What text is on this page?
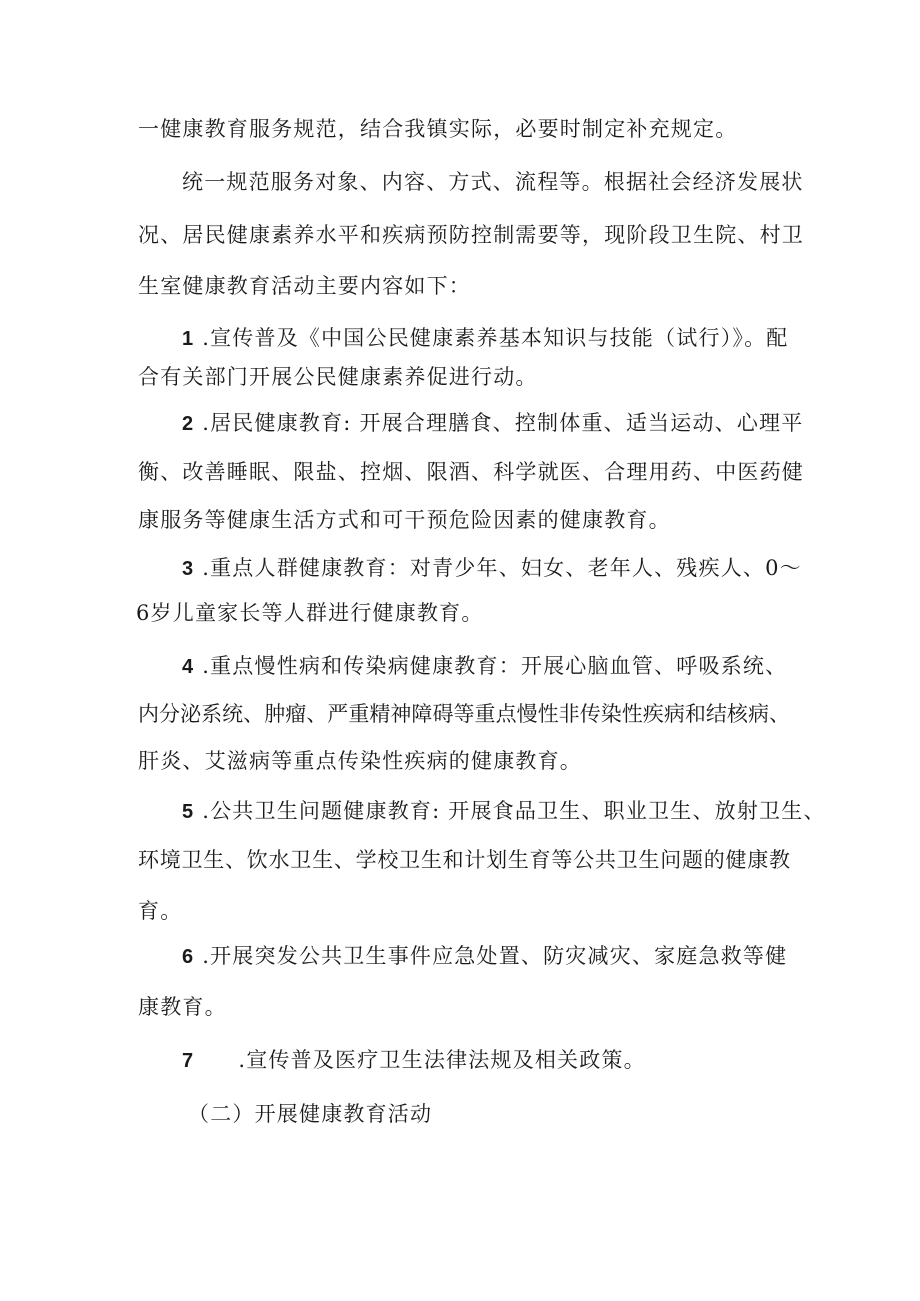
一健康教育服务规范，结合我镇实际，必要时制定补充规定。
统一规范服务对象、内容、方式、流程等。根据社会经济发展状
况、居民健康素养水平和疾病预防控制需要等，现阶段卫生院、村卫
生室健康教育活动主要内容如下：
1 .宣传普及《中国公民健康素养基本知识与技能（试行）》。配
合有关部门开展公民健康素养促进行动。
2 .居民健康教育: 开展合理膳食、控制体重、适当运动、心理平
衡、改善睡眠、限盐、控烟、限酒、科学就医、合理用药、中医药健
康服务等健康生活方式和可干预危险因素的健康教育。
3 .重点人群健康教育：对青少年、妇女、老年人、残疾人、0〜
6岁儿童家长等人群进行健康教育。
4 .重点慢性病和传染病健康教育：开展心脑血管、呼吸系统、
内分泌系统、肿瘤、严重精神障碍等重点慢性非传染性疾病和结核病、
肝炎、艾滋病等重点传染性疾病的健康教育。
5 .公共卫生问题健康教育: 开展食品卫生、职业卫生、放射卫生、
环境卫生、饮水卫生、学校卫生和计划生育等公共卫生问题的健康教
育。
6 .开展突发公共卫生事件应急处置、防灾减灾、家庭急救等健
康教育。
7 .宣传普及医疗卫生法律法规及相关政策。
（二）开展健康教育活动
